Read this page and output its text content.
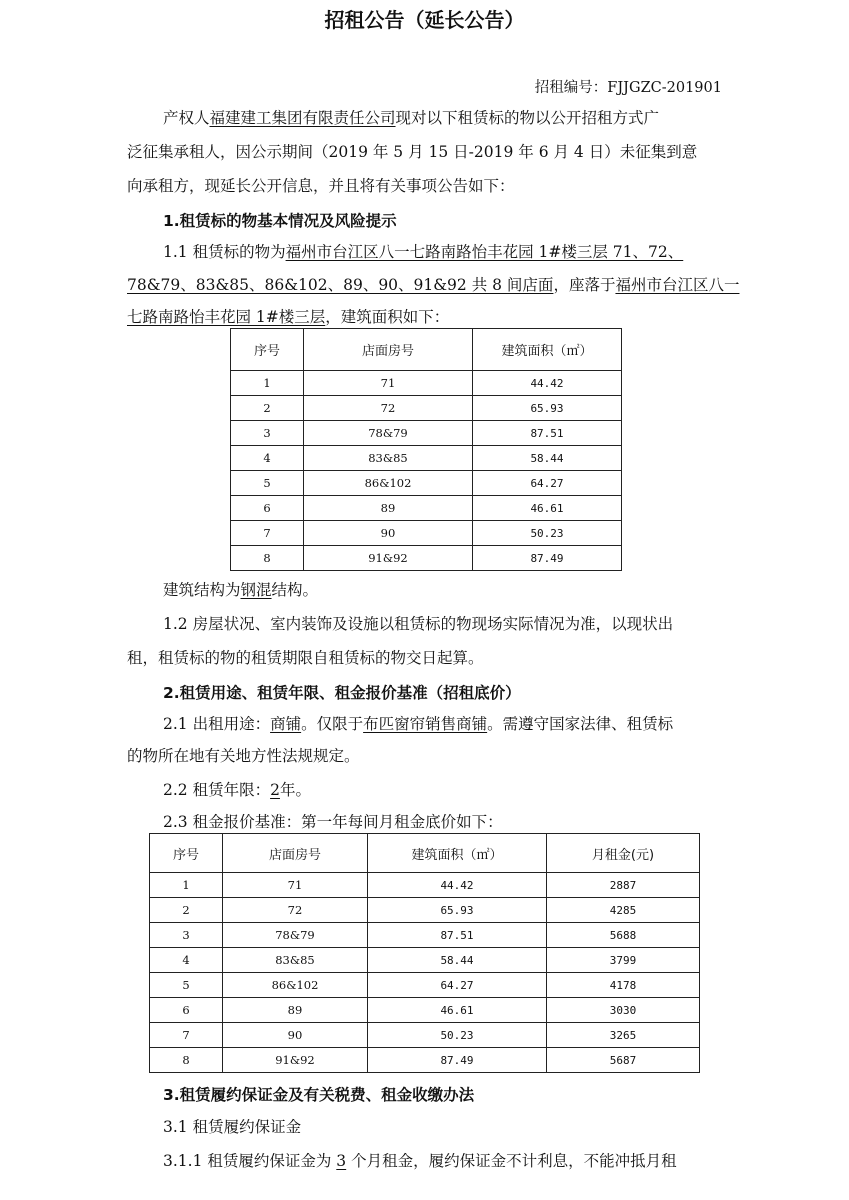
招租公告（延长公告）
招租编号：FJJGZC-201901
产权人福建建工集团有限责任公司现对以下租赁标的物以公开招租方式广
泛征集承租人，因公示期间（2019 年 5 月 15 日-2019 年 6 月 4 日）未征集到意
向承租方，现延长公开信息，并且将有关事项公告如下：
1.租赁标的物基本情况及风险提示
1.1 租赁标的物为福州市台江区八一七路南路怡丰花园 1#楼三层 71、72、
78&79、83&85、86&102、89、90、91&92 共 8 间店面，座落于福州市台江区八一
七路南路怡丰花园 1#楼三层，建筑面积如下：
序号	店面房号	建筑面积（㎡）
1	71	44.42
2	72	65.93
3	78&79	87.51
4	83&85	58.44
5	86&102	64.27
6	89	46.61
7	90	50.23
8	91&92	87.49
建筑结构为钢混结构。
1.2 房屋状况、室内装饰及设施以租赁标的物现场实际情况为准，以现状出
租，租赁标的物的租赁期限自租赁标的物交日起算。
2.租赁用途、租赁年限、租金报价基准（招租底价）
2.1 出租用途：商铺。仅限于布匹窗帘销售商铺。需遵守国家法律、租赁标
的物所在地有关地方性法规规定。
2.2 租赁年限：2年。
2.3 租金报价基准：第一年每间月租金底价如下：
序号	店面房号	建筑面积（㎡）	月租金(元)
1	71	44.42	2887
2	72	65.93	4285
3	78&79	87.51	5688
4	83&85	58.44	3799
5	86&102	64.27	4178
6	89	46.61	3030
7	90	50.23	3265
8	91&92	87.49	5687
3.租赁履约保证金及有关税费、租金收缴办法
3.1 租赁履约保证金
3.1.1 租赁履约保证金为 3 个月租金，履约保证金不计利息，不能冲抵月租
